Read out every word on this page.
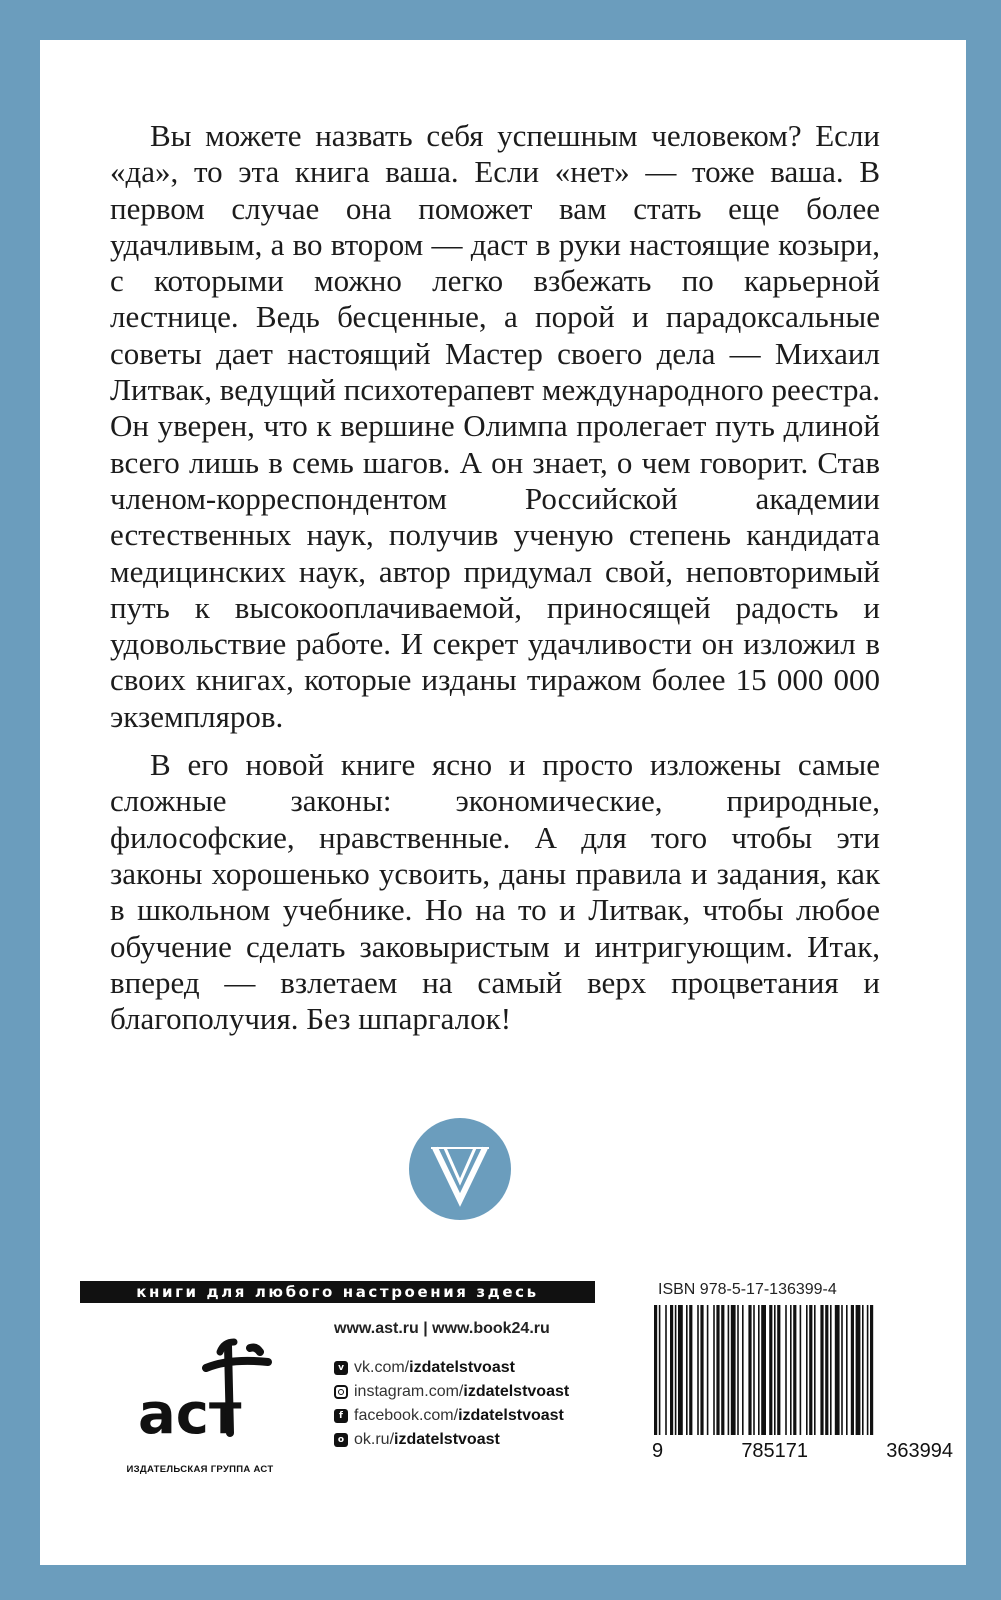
Вы можете назвать себя успешным человеком? Если «да», то эта книга ваша. Если «нет» — тоже ваша. В первом случае она поможет вам стать еще более удачливым, а во втором — даст в руки настоящие козыри, с которыми можно легко взбежать по карьерной лестнице. Ведь бесценные, а порой и парадоксальные советы дает настоящий Мастер своего дела — Михаил Литвак, ведущий психотерапевт международного реестра. Он уверен, что к вершине Олимпа пролегает путь длиной всего лишь в семь шагов. А он знает, о чем говорит. Став членом-корреспондентом Российской академии естественных наук, получив ученую степень кандидата медицинских наук, автор придумал свой, неповторимый путь к высокооплачиваемой, приносящей радость и удовольствие работе. И секрет удачливости он изложил в своих книгах, которые изданы тиражом более 15 000 000 экземпляров.

В его новой книге ясно и просто изложены самые сложные законы: экономические, природные, философские, нравственные. А для того чтобы эти законы хорошенько усвоить, даны правила и задания, как в школьном учебнике. Но на то и Литвак, чтобы любое обучение сделать заковыристым и интригующим. Итак, вперед — взлетаем на самый верх процветания и благополучия. Без шпаргалок!

книги для любого настроения здесь
аст
ИЗДАТЕЛЬСКАЯ ГРУППА АСТ
www.ast.ru | www.book24.ru
v vk.com/ izdatelstvoast
instagram.com/ izdatelstvoast
f facebook.com/ izdatelstvoast
o ok.ru/ izdatelstvoast
ISBN 978-5-17-136399-4
9	785171	363994
